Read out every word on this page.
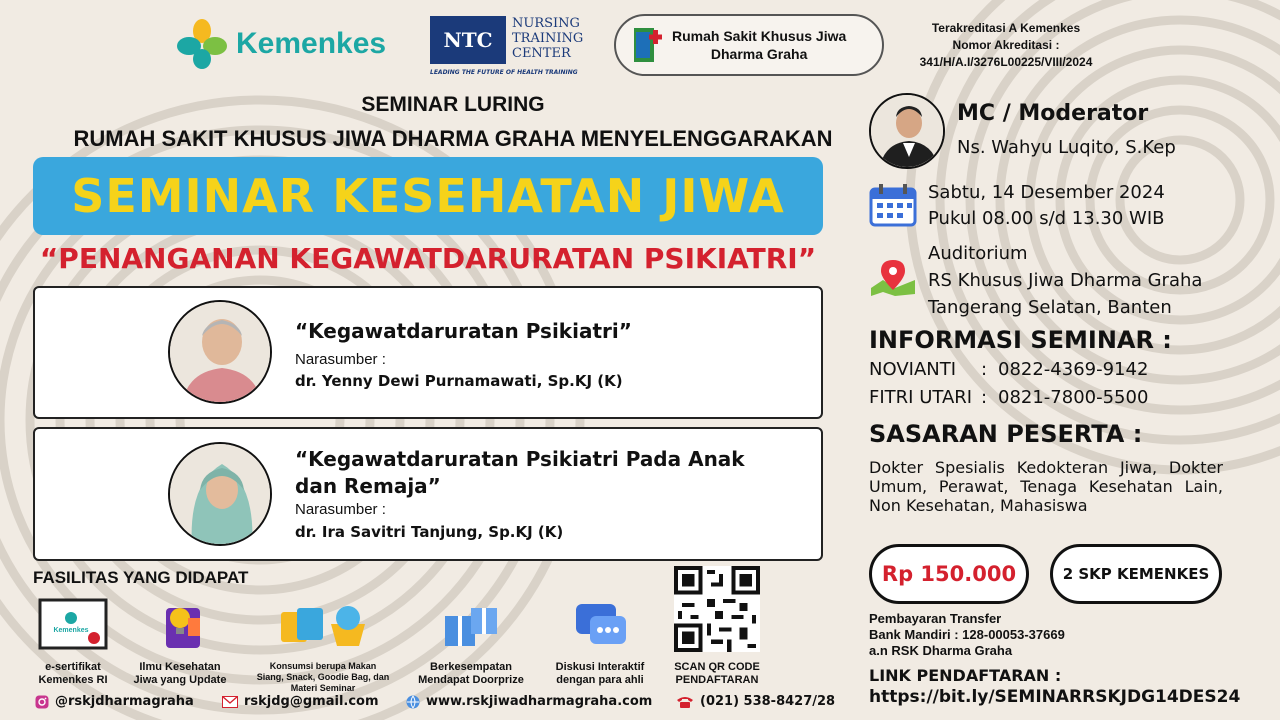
Kemenkes	NTC
NURSING
TRAINING
CENTER
LEADING THE FUTURE OF HEALTH TRAINING
Rumah Sakit Khusus Jiwa
Dharma Graha
Terakreditasi A Kemenkes
Nomor Akreditasi :
341/H/A.I/3276L00225/VIII/2024
SEMINAR LURING
RUMAH SAKIT KHUSUS JIWA DHARMA GRAHA MENYELENGGARAKAN
SEMINAR KESEHATAN JIWA
“PENANGANAN KEGAWATDARURATAN PSIKIATRI”
“Kegawatdaruratan Psikiatri”
Narasumber :
dr. Yenny Dewi Purnamawati, Sp.KJ (K)
“Kegawatdaruratan Psikiatri Pada Anak
dan Remaja”
Narasumber :
dr. Ira Savitri Tanjung, Sp.KJ (K)
FASILITAS YANG DIDAPAT
Kemenkes
e-sertifikat
Kemenkes RI
Ilmu Kesehatan
Jiwa yang Update
Konsumsi berupa Makan
Siang, Snack, Goodie Bag, dan
Materi Seminar
Berkesempatan
Mendapat Doorprize
Diskusi Interaktif
dengan para ahli
SCAN QR CODE
PENDAFTARAN
@rskjdharmagraha	rskjdg@gmail.com	www.rskjiwadharmagraha.com	(021) 538-8427/28
MC / Moderator
Ns. Wahyu Luqito, S.Kep
Sabtu, 14 Desember 2024
Pukul 08.00 s/d 13.30 WIB
Auditorium
RS Khusus Jiwa Dharma Graha
Tangerang Selatan, Banten
INFORMASI SEMINAR :
NOVIANTI : 0822-4369-9142
FITRI UTARI : 0821-7800-5500
SASARAN PESERTA :
Dokter Spesialis Kedokteran Jiwa, Dokter Umum, Perawat, Tenaga Kesehatan Lain, Non Kesehatan, Mahasiswa
Rp 150.000	2 SKP KEMENKES
Pembayaran Transfer
Bank Mandiri : 128-00053-37669
a.n RSK Dharma Graha
LINK PENDAFTARAN :
https://bit.ly/SEMINARRSKJDG14DES24
